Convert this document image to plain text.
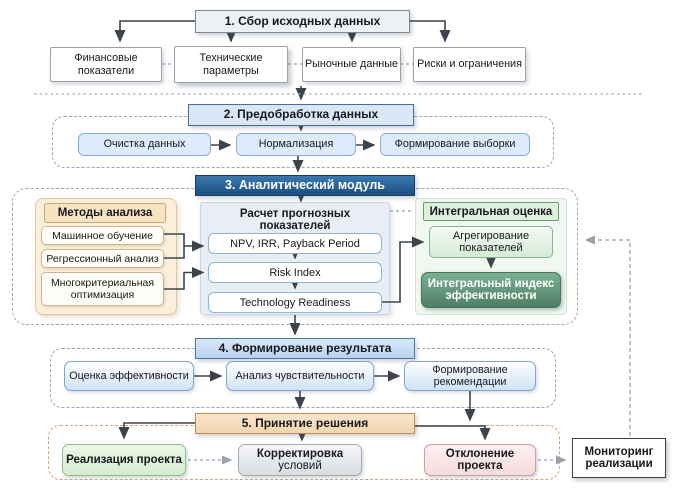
1. Сбор исходных данных
Финансовые показатели
Технические параметры
Рыночные данные Риски и ограничения
2. Предобработка данных
Очистка данных	Нормализация	Формирование выборки
3. Аналитический модуль
Методы анализа
Машинное обучение
Регрессионный анализ
Многокритериальная оптимизация
Расчет прогнозных показателей
NPV, IRR, Payback Period
Risk Index
Technology Readiness
Интегральная оценка
Агрегирование показателей
Интегральный индекс эффективности
4. Формирование результата
Оценка эффективности	Анализ чувствительности	Формирование рекомендации
5. Принятие решения
Реализация проекта	Корректировка
условий
Отклонение проекта
Мониторинг реализации
